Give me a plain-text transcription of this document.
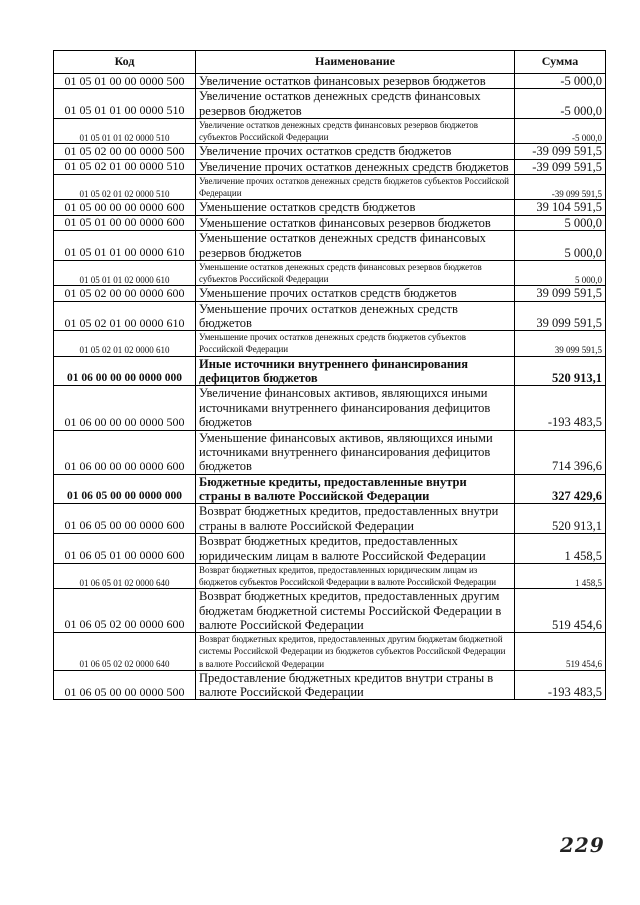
Код	Наименование	Сумма
01 05 01 00 00 0000 500	Увеличение остатков финансовых резервов бюджетов	-5 000,0
01 05 01 01 00 0000 510	Увеличение остатков денежных средств финансовых резервов бюджетов	-5 000,0
01 05 01 01 02 0000 510	Увеличение остатков денежных средств финансовых резервов бюджетов субъектов Российской Федерации	-5 000,0
01 05 02 00 00 0000 500	Увеличение прочих остатков средств бюджетов	-39 099 591,5
01 05 02 01 00 0000 510	Увеличение прочих остатков денежных средств бюджетов	-39 099 591,5
01 05 02 01 02 0000 510	Увеличение прочих остатков денежных средств бюджетов субъектов Российской Федерации	-39 099 591,5
01 05 00 00 00 0000 600	Уменьшение остатков средств бюджетов	39 104 591,5
01 05 01 00 00 0000 600	Уменьшение остатков финансовых резервов бюджетов	5 000,0
01 05 01 01 00 0000 610	Уменьшение остатков денежных средств финансовых резервов бюджетов	5 000,0
01 05 01 01 02 0000 610	Уменьшение остатков денежных средств финансовых резервов бюджетов субъектов Российской Федерации	5 000,0
01 05 02 00 00 0000 600	Уменьшение прочих остатков средств бюджетов	39 099 591,5
01 05 02 01 00 0000 610	Уменьшение прочих остатков денежных средств бюджетов	39 099 591,5
01 05 02 01 02 0000 610	Уменьшение прочих остатков денежных средств бюджетов субъектов Российской Федерации	39 099 591,5
01 06 00 00 00 0000 000	Иные источники внутреннего финансирования дефицитов бюджетов	520 913,1
01 06 00 00 00 0000 500	Увеличение финансовых активов, являющихся иными источниками внутреннего финансирования дефицитов бюджетов	-193 483,5
01 06 00 00 00 0000 600	Уменьшение финансовых активов, являющихся иными источниками внутреннего финансирования дефицитов бюджетов	714 396,6
01 06 05 00 00 0000 000	Бюджетные кредиты, предоставленные внутри страны в валюте Российской Федерации	327 429,6
01 06 05 00 00 0000 600	Возврат бюджетных кредитов, предоставленных внутри страны в валюте Российской Федерации	520 913,1
01 06 05 01 00 0000 600	Возврат бюджетных кредитов, предоставленных юридическим лицам в валюте Российской Федерации	1 458,5
01 06 05 01 02 0000 640	Возврат бюджетных кредитов, предоставленных юридическим лицам из бюджетов субъектов Российской Федерации в валюте Российской Федерации	1 458,5
01 06 05 02 00 0000 600	Возврат бюджетных кредитов, предоставленных другим бюджетам бюджетной системы Российской Федерации в валюте Российской Федерации	519 454,6
01 06 05 02 02 0000 640	Возврат бюджетных кредитов, предоставленных другим бюджетам бюджетной системы Российской Федерации из бюджетов субъектов Российской Федерации в валюте Российской Федерации	519 454,6
01 06 05 00 00 0000 500	Предоставление бюджетных кредитов внутри страны в валюте Российской Федерации	-193 483,5
229
